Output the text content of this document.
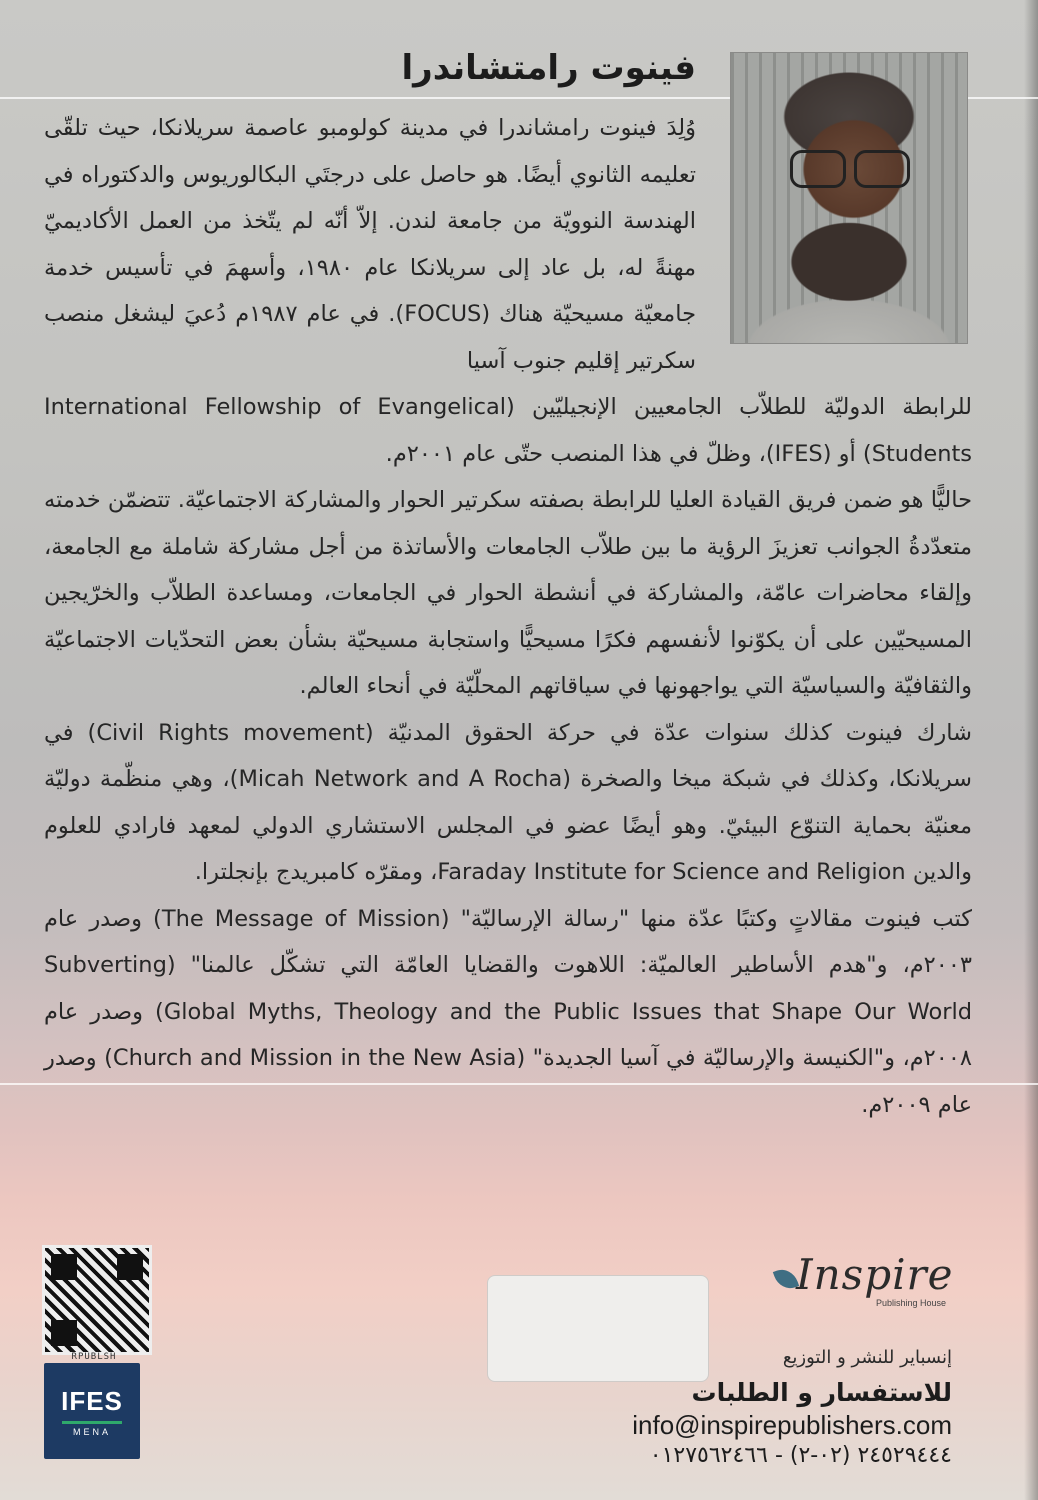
فينوت رامتشاندرا

وُلِدَ فينوت رامشاندرا في مدينة كولومبو عاصمة سريلانكا، حيث تلقّى تعليمه الثانوي أيضًا. هو حاصل على درجتَي البكالوريوس والدكتوراه في الهندسة النوويّة من جامعة لندن. إلاّ أنّه لم يتّخذ من العمل الأكاديميّ مهنةً له، بل عاد إلى سريلانكا عام ١٩٨٠، وأسهمَ في تأسيس خدمة جامعيّة مسيحيّة هناك (FOCUS). في عام ١٩٨٧م دُعيَ ليشغل منصب سكرتير إقليم جنوب آسيا

للرابطة الدوليّة للطلاّب الجامعيين الإنجيليّين (International Fellowship of Evangelical Students) أو (IFES)، وظلّ في هذا المنصب حتّى عام ٢٠٠١م.

حاليًّا هو ضمن فريق القيادة العليا للرابطة بصفته سكرتير الحوار والمشاركة الاجتماعيّة. تتضمّن خدمته متعدّدةُ الجوانب تعزيزَ الرؤية ما بين طلاّب الجامعات والأساتذة من أجل مشاركة شاملة مع الجامعة، وإلقاء محاضرات عامّة، والمشاركة في أنشطة الحوار في الجامعات، ومساعدة الطلاّب والخرّيجين المسيحيّين على أن يكوّنوا لأنفسهم فكرًا مسيحيًّا واستجابة مسيحيّة بشأن بعض التحدّيات الاجتماعيّة والثقافيّة والسياسيّة التي يواجهونها في سياقاتهم المحلّيّة في أنحاء العالم.

شارك فينوت كذلك سنوات عدّة في حركة الحقوق المدنيّة (Civil Rights movement) في سريلانكا، وكذلك في شبكة ميخا والصخرة (Micah Network and A Rocha)، وهي منظّمة دوليّة معنيّة بحماية التنوّع البيئيّ. وهو أيضًا عضو في المجلس الاستشاري الدولي لمعهد فارادي للعلوم والدين Faraday Institute for Science and Religion، ومقرّه كامبريدج بإنجلترا.

كتب فينوت مقالاتٍ وكتبًا عدّة منها "رسالة الإرساليّة" (The Message of Mission) وصدر عام ٢٠٠٣م، و"هدم الأساطير العالميّة: اللاهوت والقضايا العامّة التي تشكّل عالمنا" (Subverting Global Myths, Theology and the Public Issues that Shape Our World) وصدر عام ٢٠٠٨م، و"الكنيسة والإرساليّة في آسيا الجديدة" (Church and Mission in the New Asia) وصدر عام ٢٠٠٩م.

RPUBLSH
IFES
MENA
Inspire
Publishing House
إنسباير للنشر و التوزيع
للاستفسار و الطلبات
info@inspirepublishers.com
٢٤٥٢٩٤٤٤ (٠٢-٢) - ٠١٢٧٥٦٢٤٦٦
